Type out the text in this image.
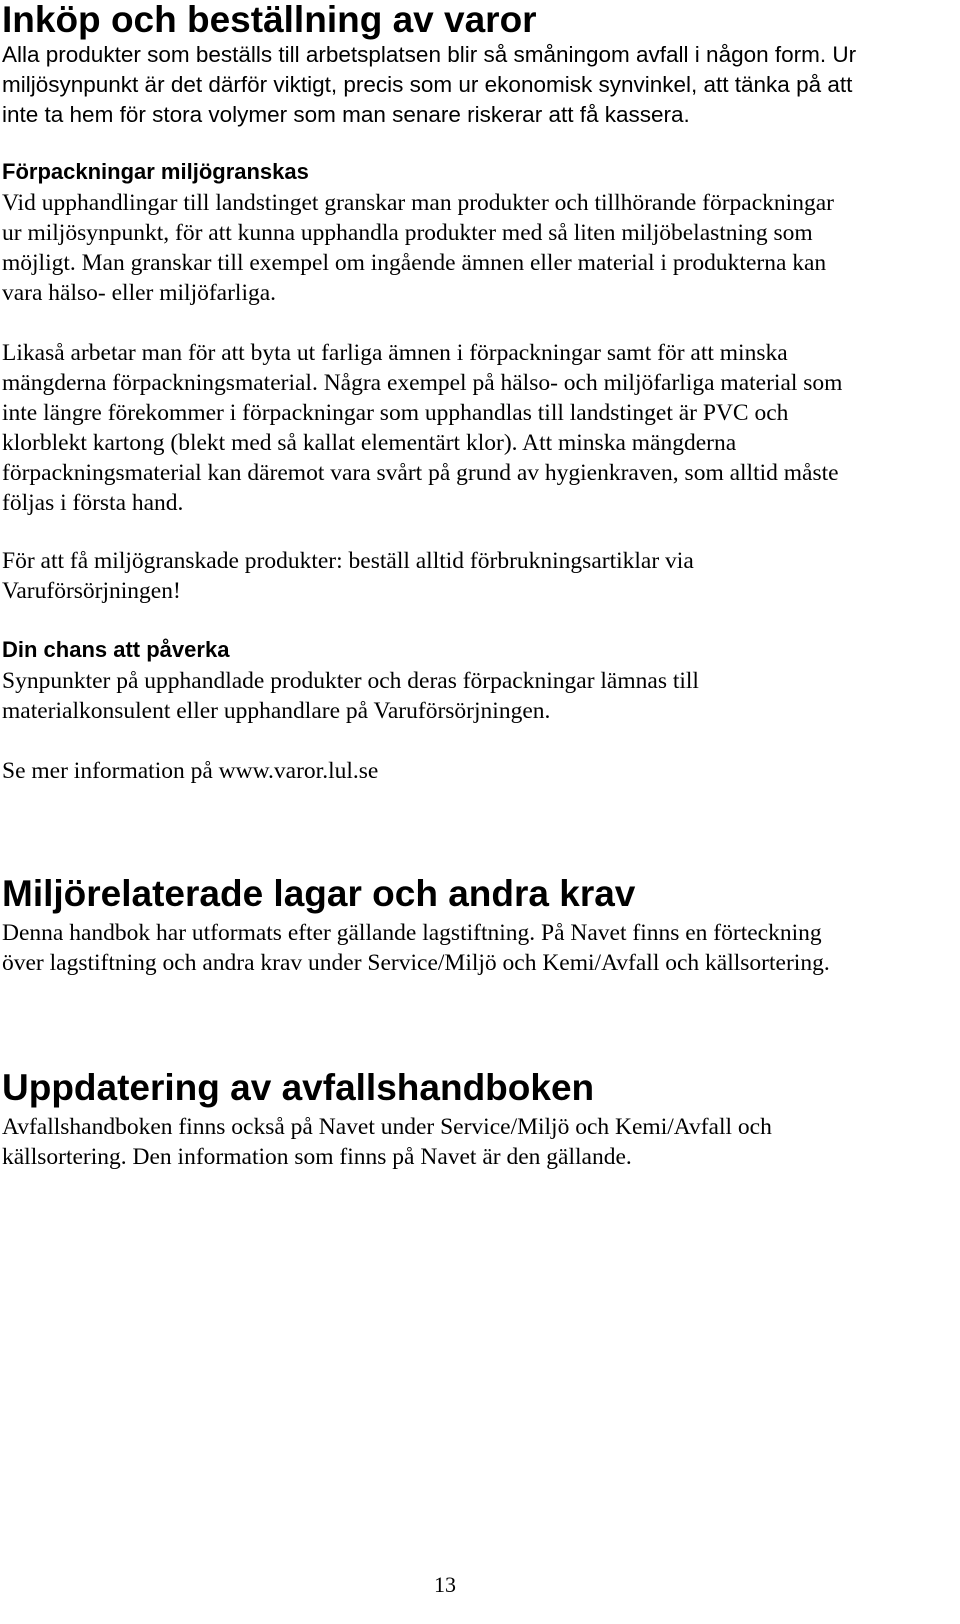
Inköp och beställning av varor
Alla produkter som beställs till arbetsplatsen blir så småningom avfall i någon form. Ur
miljösynpunkt är det därför viktigt, precis som ur ekonomisk synvinkel, att tänka på att
inte ta hem för stora volymer som man senare riskerar att få kassera.
Förpackningar miljögranskas
Vid upphandlingar till landstinget granskar man produkter och tillhörande förpackningar
ur miljösynpunkt, för att kunna upphandla produkter med så liten miljöbelastning som
möjligt. Man granskar till exempel om ingående ämnen eller material i produkterna kan
vara hälso- eller miljöfarliga.
Likaså arbetar man för att byta ut farliga ämnen i förpackningar samt för att minska
mängderna förpackningsmaterial. Några exempel på hälso- och miljöfarliga material som
inte längre förekommer i förpackningar som upphandlas till landstinget är PVC och
klorblekt kartong (blekt med så kallat elementärt klor). Att minska mängderna
förpackningsmaterial kan däremot vara svårt på grund av hygienkraven, som alltid måste
följas i första hand.
För att få miljögranskade produkter: beställ alltid förbrukningsartiklar via
Varuförsörjningen!
Din chans att påverka
Synpunkter på upphandlade produkter och deras förpackningar lämnas till
materialkonsulent eller upphandlare på Varuförsörjningen.
Se mer information på www.varor.lul.se
Miljörelaterade lagar och andra krav
Denna handbok har utformats efter gällande lagstiftning. På Navet finns en förteckning
över lagstiftning och andra krav under Service/Miljö och Kemi/Avfall och källsortering.
Uppdatering av avfallshandboken
Avfallshandboken finns också på Navet under Service/Miljö och Kemi/Avfall och
källsortering. Den information som finns på Navet är den gällande.
13
